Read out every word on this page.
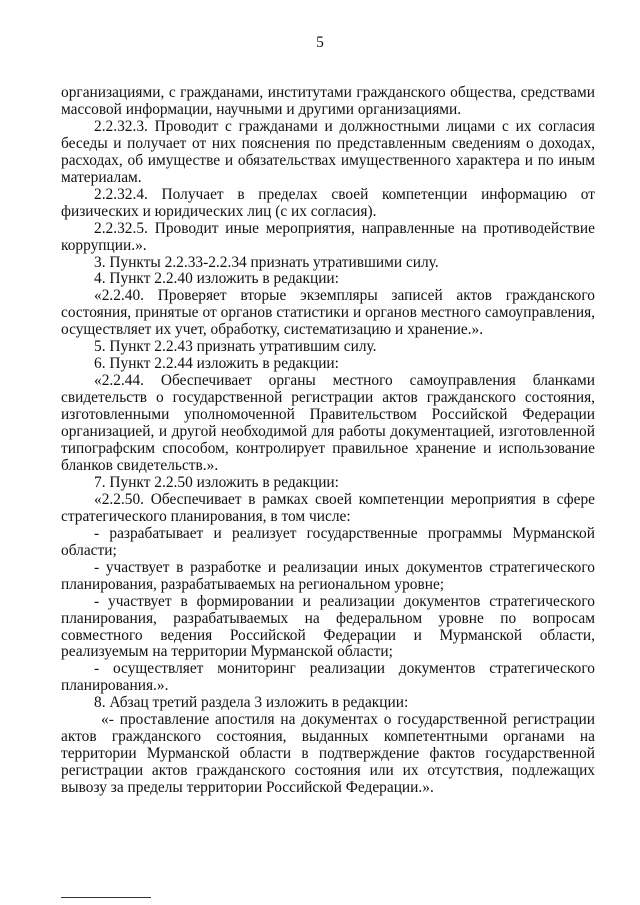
5

организациями, с гражданами, институтами гражданского общества, средствами массовой информации, научными и другими организациями.

2.2.32.3. Проводит с гражданами и должностными лицами с их согласия беседы и получает от них пояснения по представленным сведениям о доходах, расходах, об имуществе и обязательствах имущественного характера и по иным материалам.

2.2.32.4. Получает в пределах своей компетенции информацию от физических и юридических лиц (с их согласия).

2.2.32.5. Проводит иные мероприятия, направленные на противодействие коррупции.».

3. Пункты 2.2.33-2.2.34 признать утратившими силу.

4. Пункт 2.2.40 изложить в редакции:

«2.2.40. Проверяет вторые экземпляры записей актов гражданского состояния, принятые от органов статистики и органов местного самоуправления, осуществляет их учет, обработку, систематизацию и хранение.».

5. Пункт 2.2.43 признать утратившим силу.

6. Пункт 2.2.44 изложить в редакции:

«2.2.44. Обеспечивает органы местного самоуправления бланками свидетельств о государственной регистрации актов гражданского состояния, изготовленными уполномоченной Правительством Российской Федерации организацией, и другой необходимой для работы документацией, изготовленной типографским способом, контролирует правильное хранение и использование бланков свидетельств.».

7. Пункт 2.2.50 изложить в редакции:

«2.2.50. Обеспечивает в рамках своей компетенции мероприятия в сфере стратегического планирования, в том числе:

- разрабатывает и реализует государственные программы Мурманской области;

- участвует в разработке и реализации иных документов стратегического планирования, разрабатываемых на региональном уровне;

- участвует в формировании и реализации документов стратегического планирования, разрабатываемых на федеральном уровне по вопросам совместного ведения Российской Федерации и Мурманской области, реализуемым на территории Мурманской области;

- осуществляет мониторинг реализации документов стратегического планирования.».

8. Абзац третий раздела 3 изложить в редакции:

«- проставление апостиля на документах о государственной регистрации актов гражданского состояния, выданных компетентными органами на территории Мурманской области в подтверждение фактов государственной регистрации актов гражданского состояния или их отсутствия, подлежащих вывозу за пределы территории Российской Федерации.».
